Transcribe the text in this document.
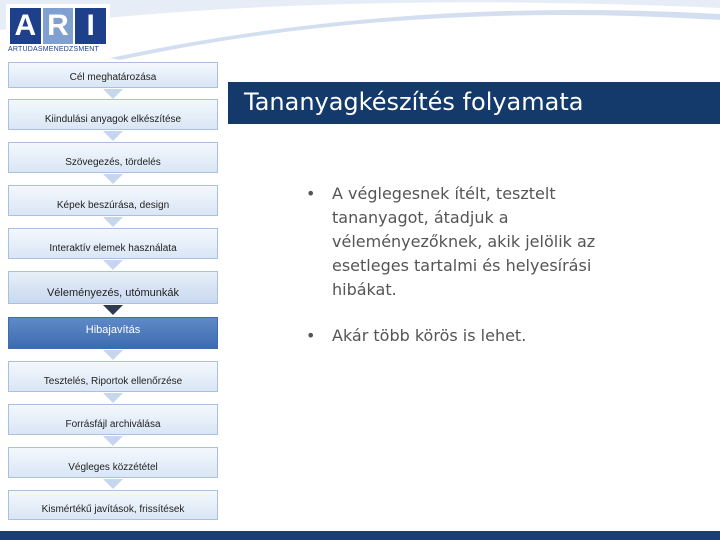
A R I
ARTUDASMENEDZSMENT
Cél meghatározása
Kiindulási anyagok elkészítése
Szövegezés, tördelés
Képek beszúrása, design
Interaktív elemek használata
Véleményezés, utómunkák
Hibajavítás
Tesztelés, Riportok ellenőrzése
Forrásfájl archiválása
Végleges közzététel
Kismértékű javítások, frissítések
Tananyagkészítés folyamata
• A véglegesnek ítélt, tesztelt tananyagot, átadjuk a véleményezőknek, akik jelölik az esetleges tartalmi és helyesírási hibákat.
• Akár több körös is lehet.
